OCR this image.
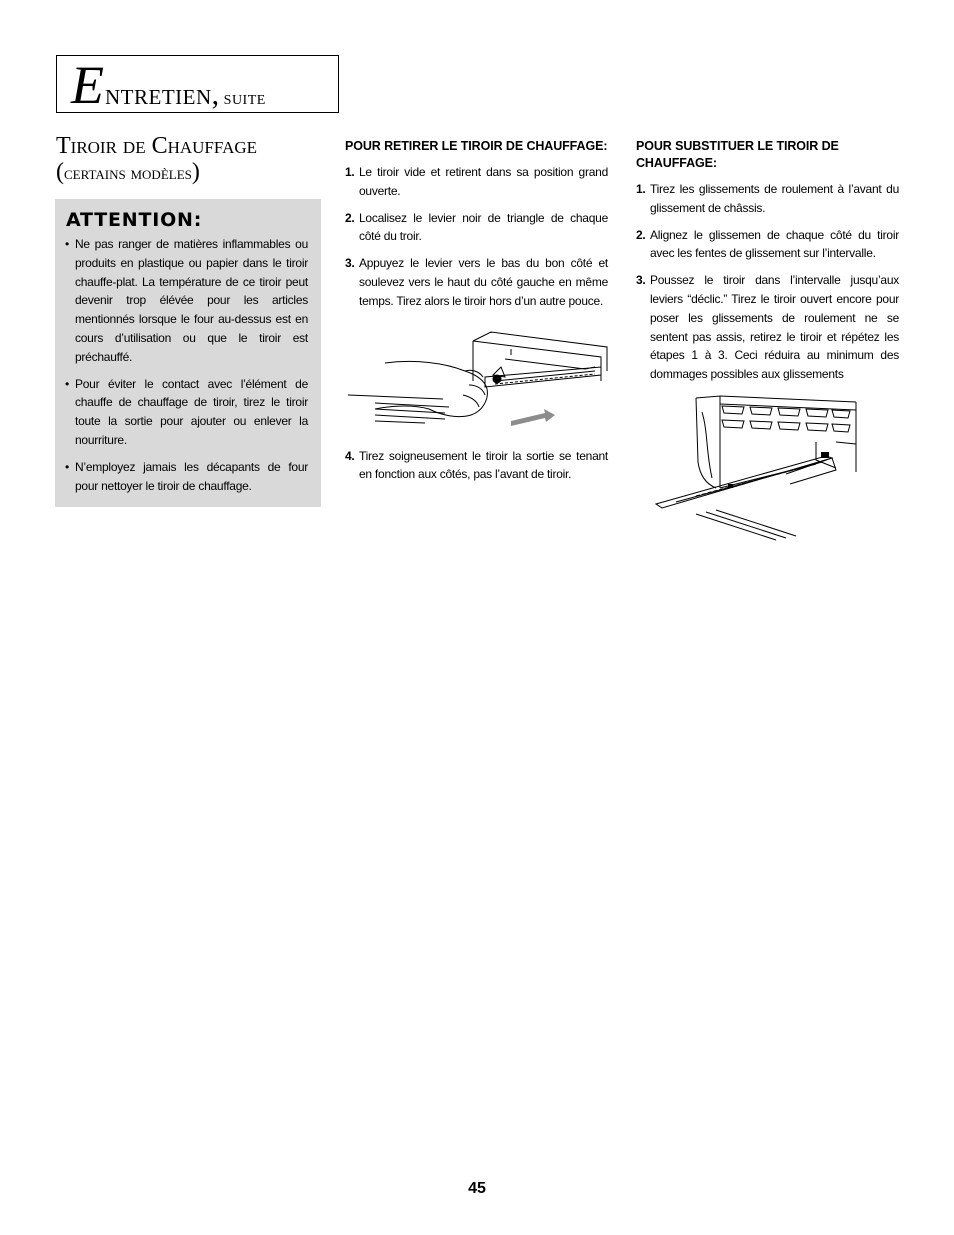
Entretien, suite
Tiroir de Chauffage
(certains modèles)
ATTENTION:
• Ne pas ranger de matières inflammables ou produits en plastique ou papier dans le tiroir chauffe-plat. La température de ce tiroir peut devenir trop élévée pour les articles mentionnés lorsque le four au-dessus est en cours d’utilisation ou que le tiroir est préchauffé.
• Pour éviter le contact avec l’élément de chauffe de chauffage de tiroir, tirez le tiroir toute la sortie pour ajouter ou enlever la nourriture.
• N’employez jamais les décapants de four pour nettoyer le tiroir de chauffage.
POUR RETIRER LE TIROIR DE CHAUFFAGE:
1. Le tiroir vide et retirent dans sa position grand ouverte.
2. Localisez le levier noir de triangle de chaque côté du troir.
3. Appuyez le levier vers le bas du bon côté et soulevez vers le haut du côté gauche en même temps. Tirez alors le tiroir hors d’un autre pouce.
4. Tirez soigneusement le tiroir la sortie se tenant en fonction aux côtés, pas l’avant de tiroir.
POUR SUBSTITUER LE TIROIR DE CHAUFFAGE:
1. Tirez les glissements de roulement à l’avant du glissement de châssis.
2. Alignez le glissemen de chaque côté du tiroir avec les fentes de glissement sur l’intervalle.
3. Poussez le tiroir dans l’intervalle jusqu’aux leviers “déclic.” Tirez le tiroir ouvert encore pour poser les glissements de roulement ne se sentent pas assis, retirez le tiroir et répétez les étapes 1 à 3. Ceci réduira au minimum des dommages possibles aux glissements
45
